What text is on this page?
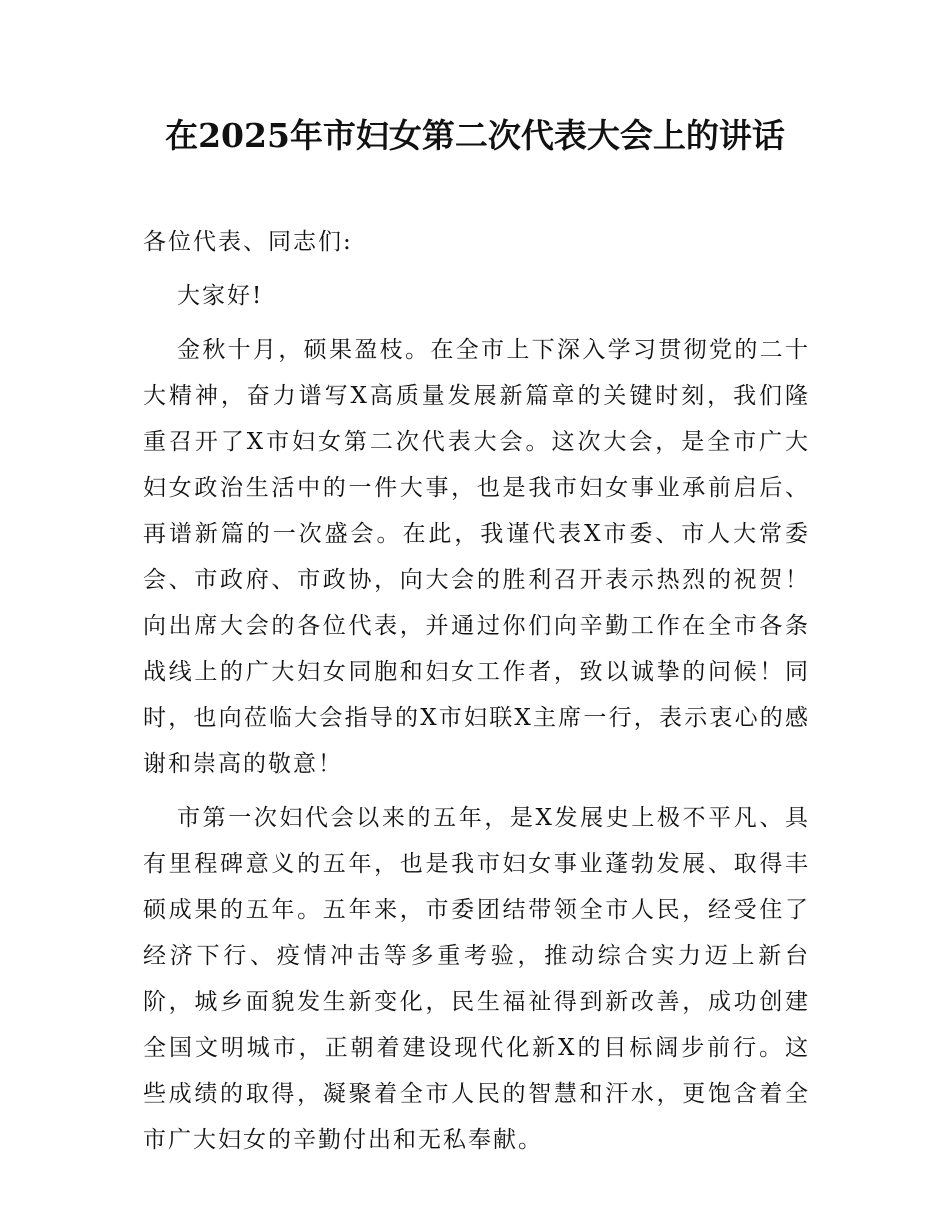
在2025年市妇女第二次代表大会上的讲话

各位代表、同志们:

大家好!

金秋十月，硕果盈枝。在全市上下深入学习贯彻党的二十大精神，奋力谱写X高质量发展新篇章的关键时刻，我们隆重召开了X市妇女第二次代表大会。这次大会，是全市广大妇女政治生活中的一件大事，也是我市妇女事业承前启后、再谱新篇的一次盛会。在此，我谨代表X市委、市人大常委会、市政府、市政协，向大会的胜利召开表示热烈的祝贺！向出席大会的各位代表，并通过你们向辛勤工作在全市各条战线上的广大妇女同胞和妇女工作者，致以诚挚的问候！同时，也向莅临大会指导的X市妇联X主席一行，表示衷心的感谢和崇高的敬意！

市第一次妇代会以来的五年，是X发展史上极不平凡、具有里程碑意义的五年，也是我市妇女事业蓬勃发展、取得丰硕成果的五年。五年来，市委团结带领全市人民，经受住了经济下行、疫情冲击等多重考验，推动综合实力迈上新台阶，城乡面貌发生新变化，民生福祉得到新改善，成功创建全国文明城市，正朝着建设现代化新X的目标阔步前行。这些成绩的取得，凝聚着全市人民的智慧和汗水，更饱含着全市广大妇女的辛勤付出和无私奉献。
